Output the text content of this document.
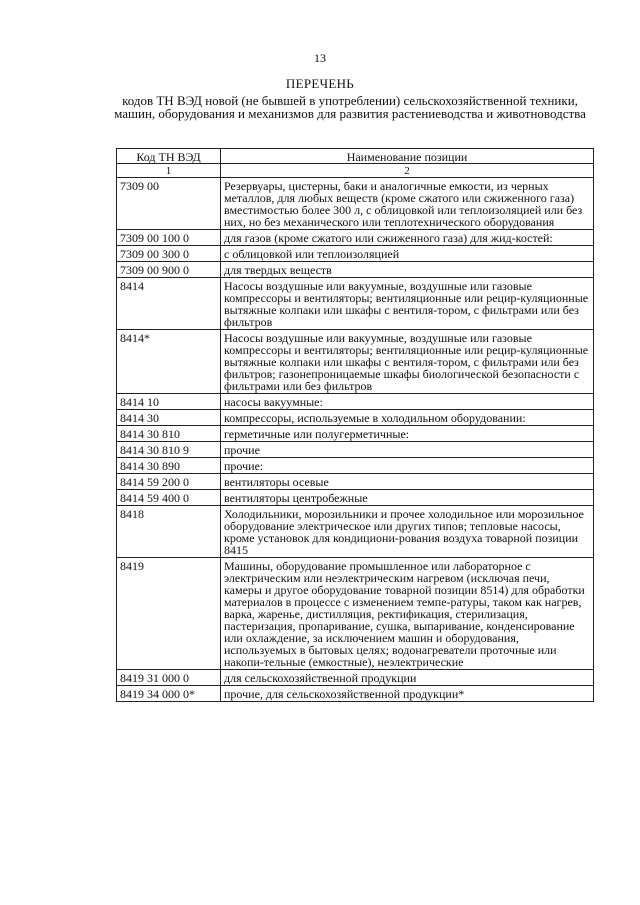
13
ПЕРЕЧЕНЬ
кодов ТН ВЭД новой (не бывшей в употреблении) сельскохозяйственной техники, машин, оборудования и механизмов для развития растениеводства и животноводства
Код ТН ВЭД	Наименование позиции
1	2
7309 00	Резервуары, цистерны, баки и аналогичные емкости, из черных металлов, для любых веществ (кроме сжатого или сжиженного газа) вместимостью более 300 л, с облицовкой или теплоизоляцией или без них, но без механического или теплотехнического оборудования
7309 00 100 0	для газов (кроме сжатого или сжиженного газа) для жид-костей:
7309 00 300 0	с облицовкой или теплоизоляцией
7309 00 900 0	для твердых веществ
8414	Насосы воздушные или вакуумные, воздушные или газовые компрессоры и вентиляторы; вентиляционные или рецир-куляционные вытяжные колпаки или шкафы с вентиля-тором, с фильтрами или без фильтров
8414*	Насосы воздушные или вакуумные, воздушные или газовые компрессоры и вентиляторы; вентиляционные или рецир-куляционные вытяжные колпаки или шкафы с вентиля-тором, с фильтрами или без фильтров; газонепроницаемые шкафы биологической безопасности с фильтрами или без фильтров
8414 10	насосы вакуумные:
8414 30	компрессоры, используемые в холодильном оборудовании:
8414 30 810	герметичные или полугерметичные:
8414 30 810 9	прочие
8414 30 890	прочие:
8414 59 200 0	вентиляторы осевые
8414 59 400 0	вентиляторы центробежные
8418	Холодильники, морозильники и прочее холодильное или морозильное оборудование электрическое или других типов; тепловые насосы, кроме установок для кондициони-рования воздуха товарной позиции 8415
8419	Машины, оборудование промышленное или лабораторное с электрическим или неэлектрическим нагревом (исключая печи, камеры и другое оборудование товарной позиции 8514) для обработки материалов в процессе с изменением темпе-ратуры, таком как нагрев, варка, жаренье, дистилляция, ректификация, стерилизация, пастеризация, пропаривание, сушка, выпаривание, конденсирование или охлаждение, за исключением машин и оборудования, используемых в бытовых целях; водонагреватели проточные или накопи-тельные (емкостные), неэлектрические
8419 31 000 0	для сельскохозяйственной продукции
8419 34 000 0*	прочие, для сельскохозяйственной продукции*
